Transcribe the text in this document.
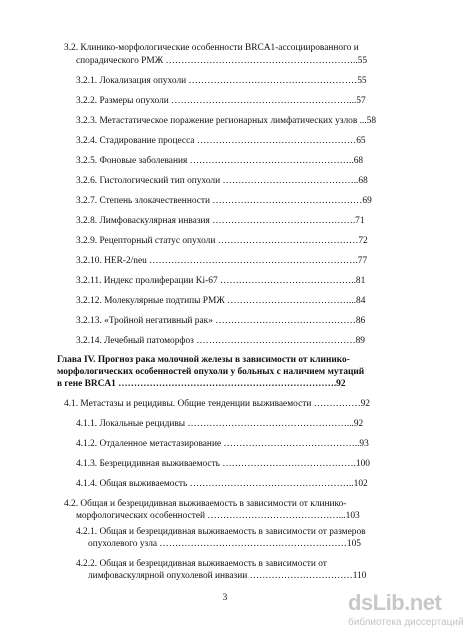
3.2. Клинико-морфологические особенности BRCA1-ассоциированного и
спорадического РМЖ ……………………………………………………..55
3.2.1. Локализация опухоли ………………………………………………55
3.2.2. Размеры опухоли …………………………………………………...57
3.2.3. Метастатическое поражение регионарных лимфатических узлов ...58
3.2.4. Стадирование процесса ……………………………………………65
3.2.5. Фоновые заболевания ……………………………………………..68
3.2.6. Гистологический тип опухоли ……………………………………..68
3.2.7. Степень злокачественности …………………………………………69
3.2.8. Лимфоваскулярная инвазия ……………………………………….71
3.2.9. Рецепторный статус опухоли ………………………………………72
3.2.10. HER-2/neu ………………………………………………………….77
3.2.11. Индекс пролиферации Ki-67 ……………………………………..81
3.2.12. Молекулярные подтипы РМЖ …………………………………...84
3.2.13. «Тройной негативный рак» ………………………………………86
3.2.14. Лечебный патоморфоз ……………………………………………89
Глава IV. Прогноз рака молочной железы в зависимости от клинико-
морфологических особенностей опухоли у больных с наличием мутаций
в гене BRCA1 …………………………………………………………….92
4.1. Метастазы и рецидивы. Общие тенденции выживаемости ……………92
4.1.1. Локальные рецидивы ……………………………………………...92
4.1.2. Отдаленное метастазирование ……………………………………..93
4.1.3. Безрецидивная выживаемость …………………………………….100
4.1.4. Общая выживаемость ……………………………………………..102
4.2. Общая и безрецидивная выживаемость в зависимости от клинико-
морфологических особенностей ……………………………………...103
4.2.1. Общая и безрецидивная выживаемость в зависимости от размеров
опухолевого узла ……………………………………………………105
4.2.2. Общая и безрецидивная выживаемость в зависимости от
лимфоваскулярной опухолевой инвазии ……………………………110
3	dsLib.net
библиотека диссертаций
